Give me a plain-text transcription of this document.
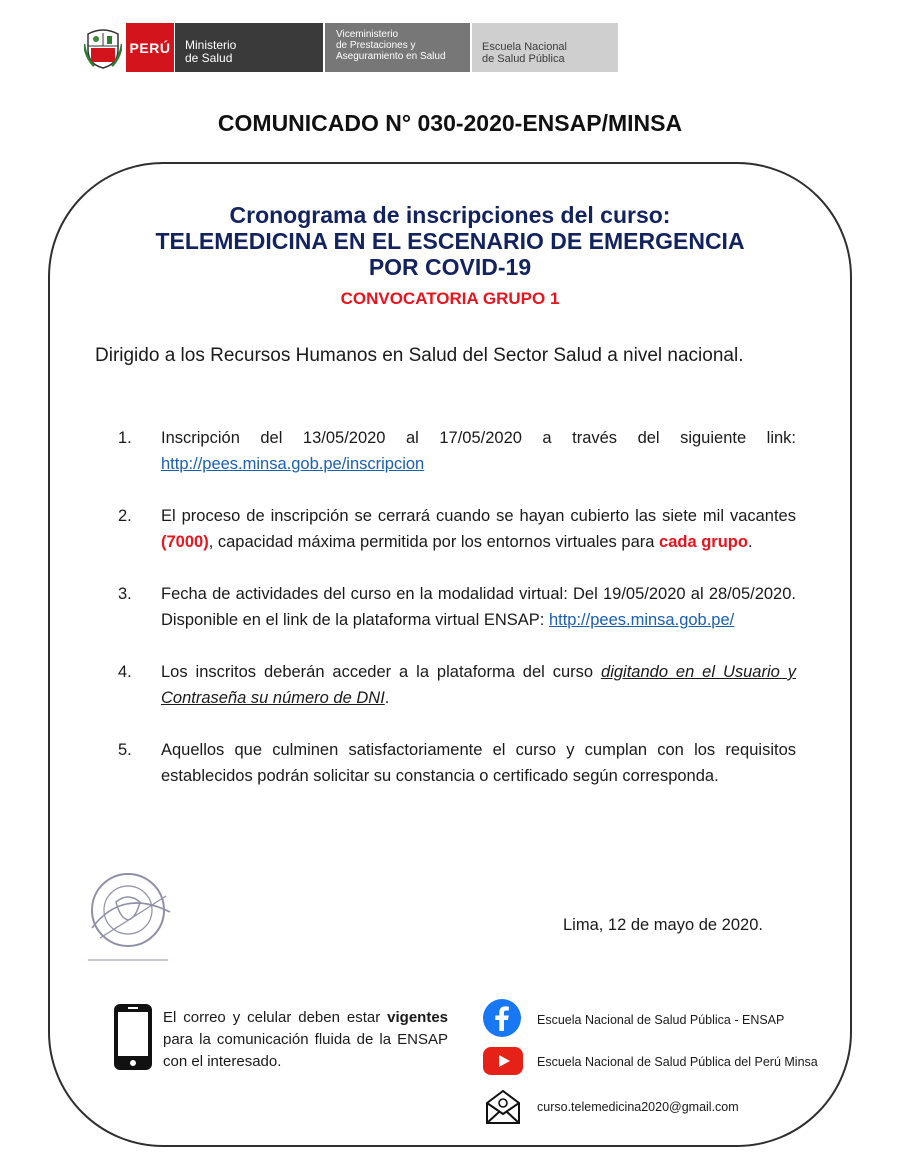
PERÚ Ministerio
de Salud
Viceministerio
de Prestaciones y
Aseguramiento en Salud
Escuela Nacional
de Salud Pública
COMUNICADO N° 030-2020-ENSAP/MINSA
Cronograma de inscripciones del curso:
TELEMEDICINA EN EL ESCENARIO DE EMERGENCIA
POR COVID-19
CONVOCATORIA GRUPO 1
Dirigido a los Recursos Humanos en Salud del Sector Salud a nivel nacional.
1.	Inscripción del 13/05/2020 al 17/05/2020 a través del siguiente link: http://pees.minsa.gob.pe/inscripcion
2.	El proceso de inscripción se cerrará cuando se hayan cubierto las siete mil vacantes (7000), capacidad máxima permitida por los entornos virtuales para cada grupo.
3.	Fecha de actividades del curso en la modalidad virtual: Del 19/05/2020 al 28/05/2020. Disponible en el link de la plataforma virtual ENSAP: http://pees.minsa.gob.pe/
4.	Los inscritos deberán acceder a la plataforma del curso digitando en el Usuario y Contraseña su número de DNI.
5.	Aquellos que culminen satisfactoriamente el curso y cumplan con los requisitos establecidos podrán solicitar su constancia o certificado según corresponda.
Lima, 12 de mayo de 2020.
El correo y celular deben estar vigentes para la comunicación fluida de la ENSAP con el interesado.
Escuela Nacional de Salud Pública - ENSAP
Escuela Nacional de Salud Pública del Perú Minsa
curso.telemedicina2020@gmail.com
